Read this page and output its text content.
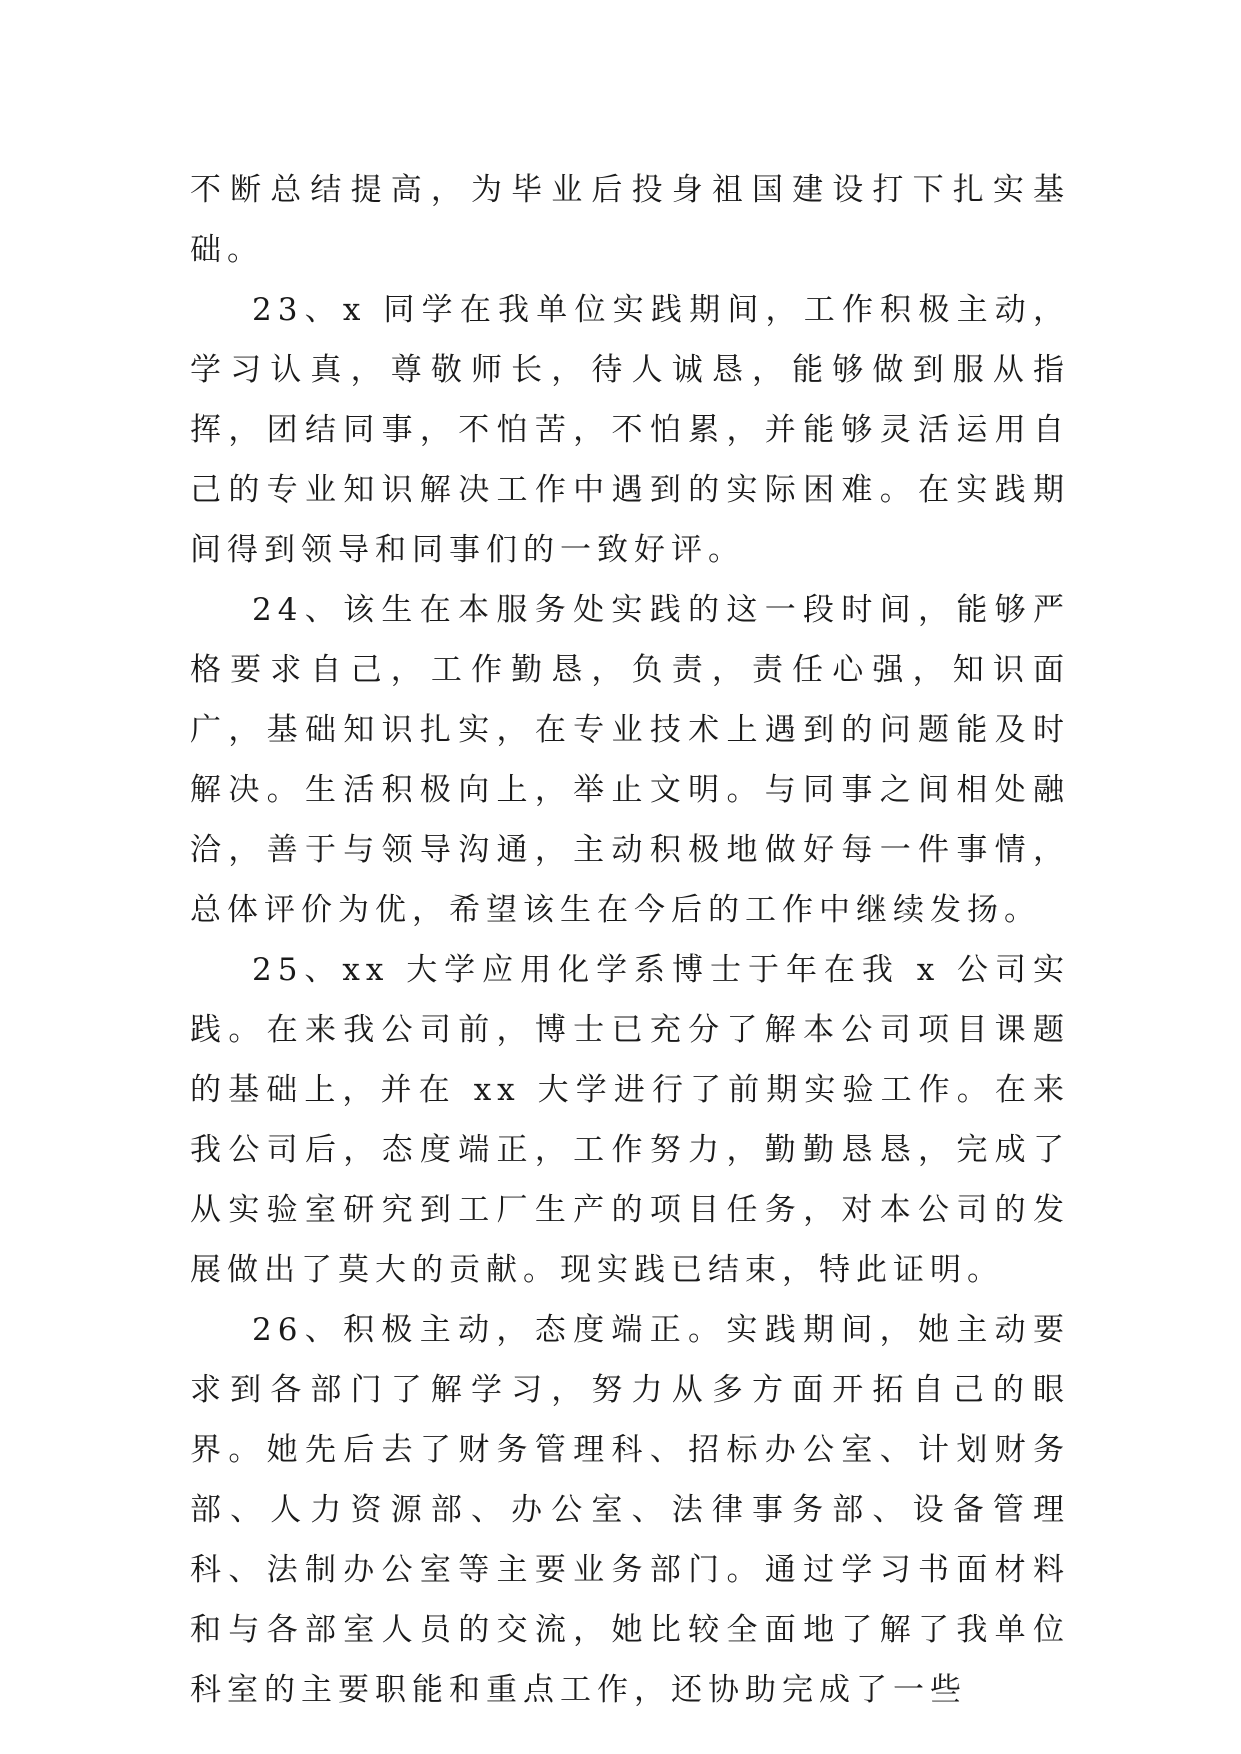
不断总结提高，为毕业后投身祖国建设打下扎实基础。

23、x 同学在我单位实践期间，工作积极主动，学习认真，尊敬师长，待人诚恳，能够做到服从指挥，团结同事，不怕苦，不怕累，并能够灵活运用自己的专业知识解决工作中遇到的实际困难。在实践期间得到领导和同事们的一致好评。

24、该生在本服务处实践的这一段时间，能够严格要求自己，工作勤恳，负责，责任心强，知识面广，基础知识扎实，在专业技术上遇到的问题能及时解决。生活积极向上，举止文明。与同事之间相处融洽，善于与领导沟通，主动积极地做好每一件事情，总体评价为优，希望该生在今后的工作中继续发扬。

25、xx 大学应用化学系博士于年在我 x 公司实践。在来我公司前，博士已充分了解本公司项目课题的基础上，并在 xx 大学进行了前期实验工作。在来我公司后，态度端正，工作努力，勤勤恳恳，完成了从实验室研究到工厂生产的项目任务，对本公司的发展做出了莫大的贡献。现实践已结束，特此证明。

26、积极主动，态度端正。实践期间，她主动要求到各部门了解学习，努力从多方面开拓自己的眼界。她先后去了财务管理科、招标办公室、计划财务部、人力资源部、办公室、法律事务部、设备管理科、法制办公室等主要业务部门。通过学习书面材料和与各部室人员的交流，她比较全面地了解了我单位科室的主要职能和重点工作，还协助完成了一些
